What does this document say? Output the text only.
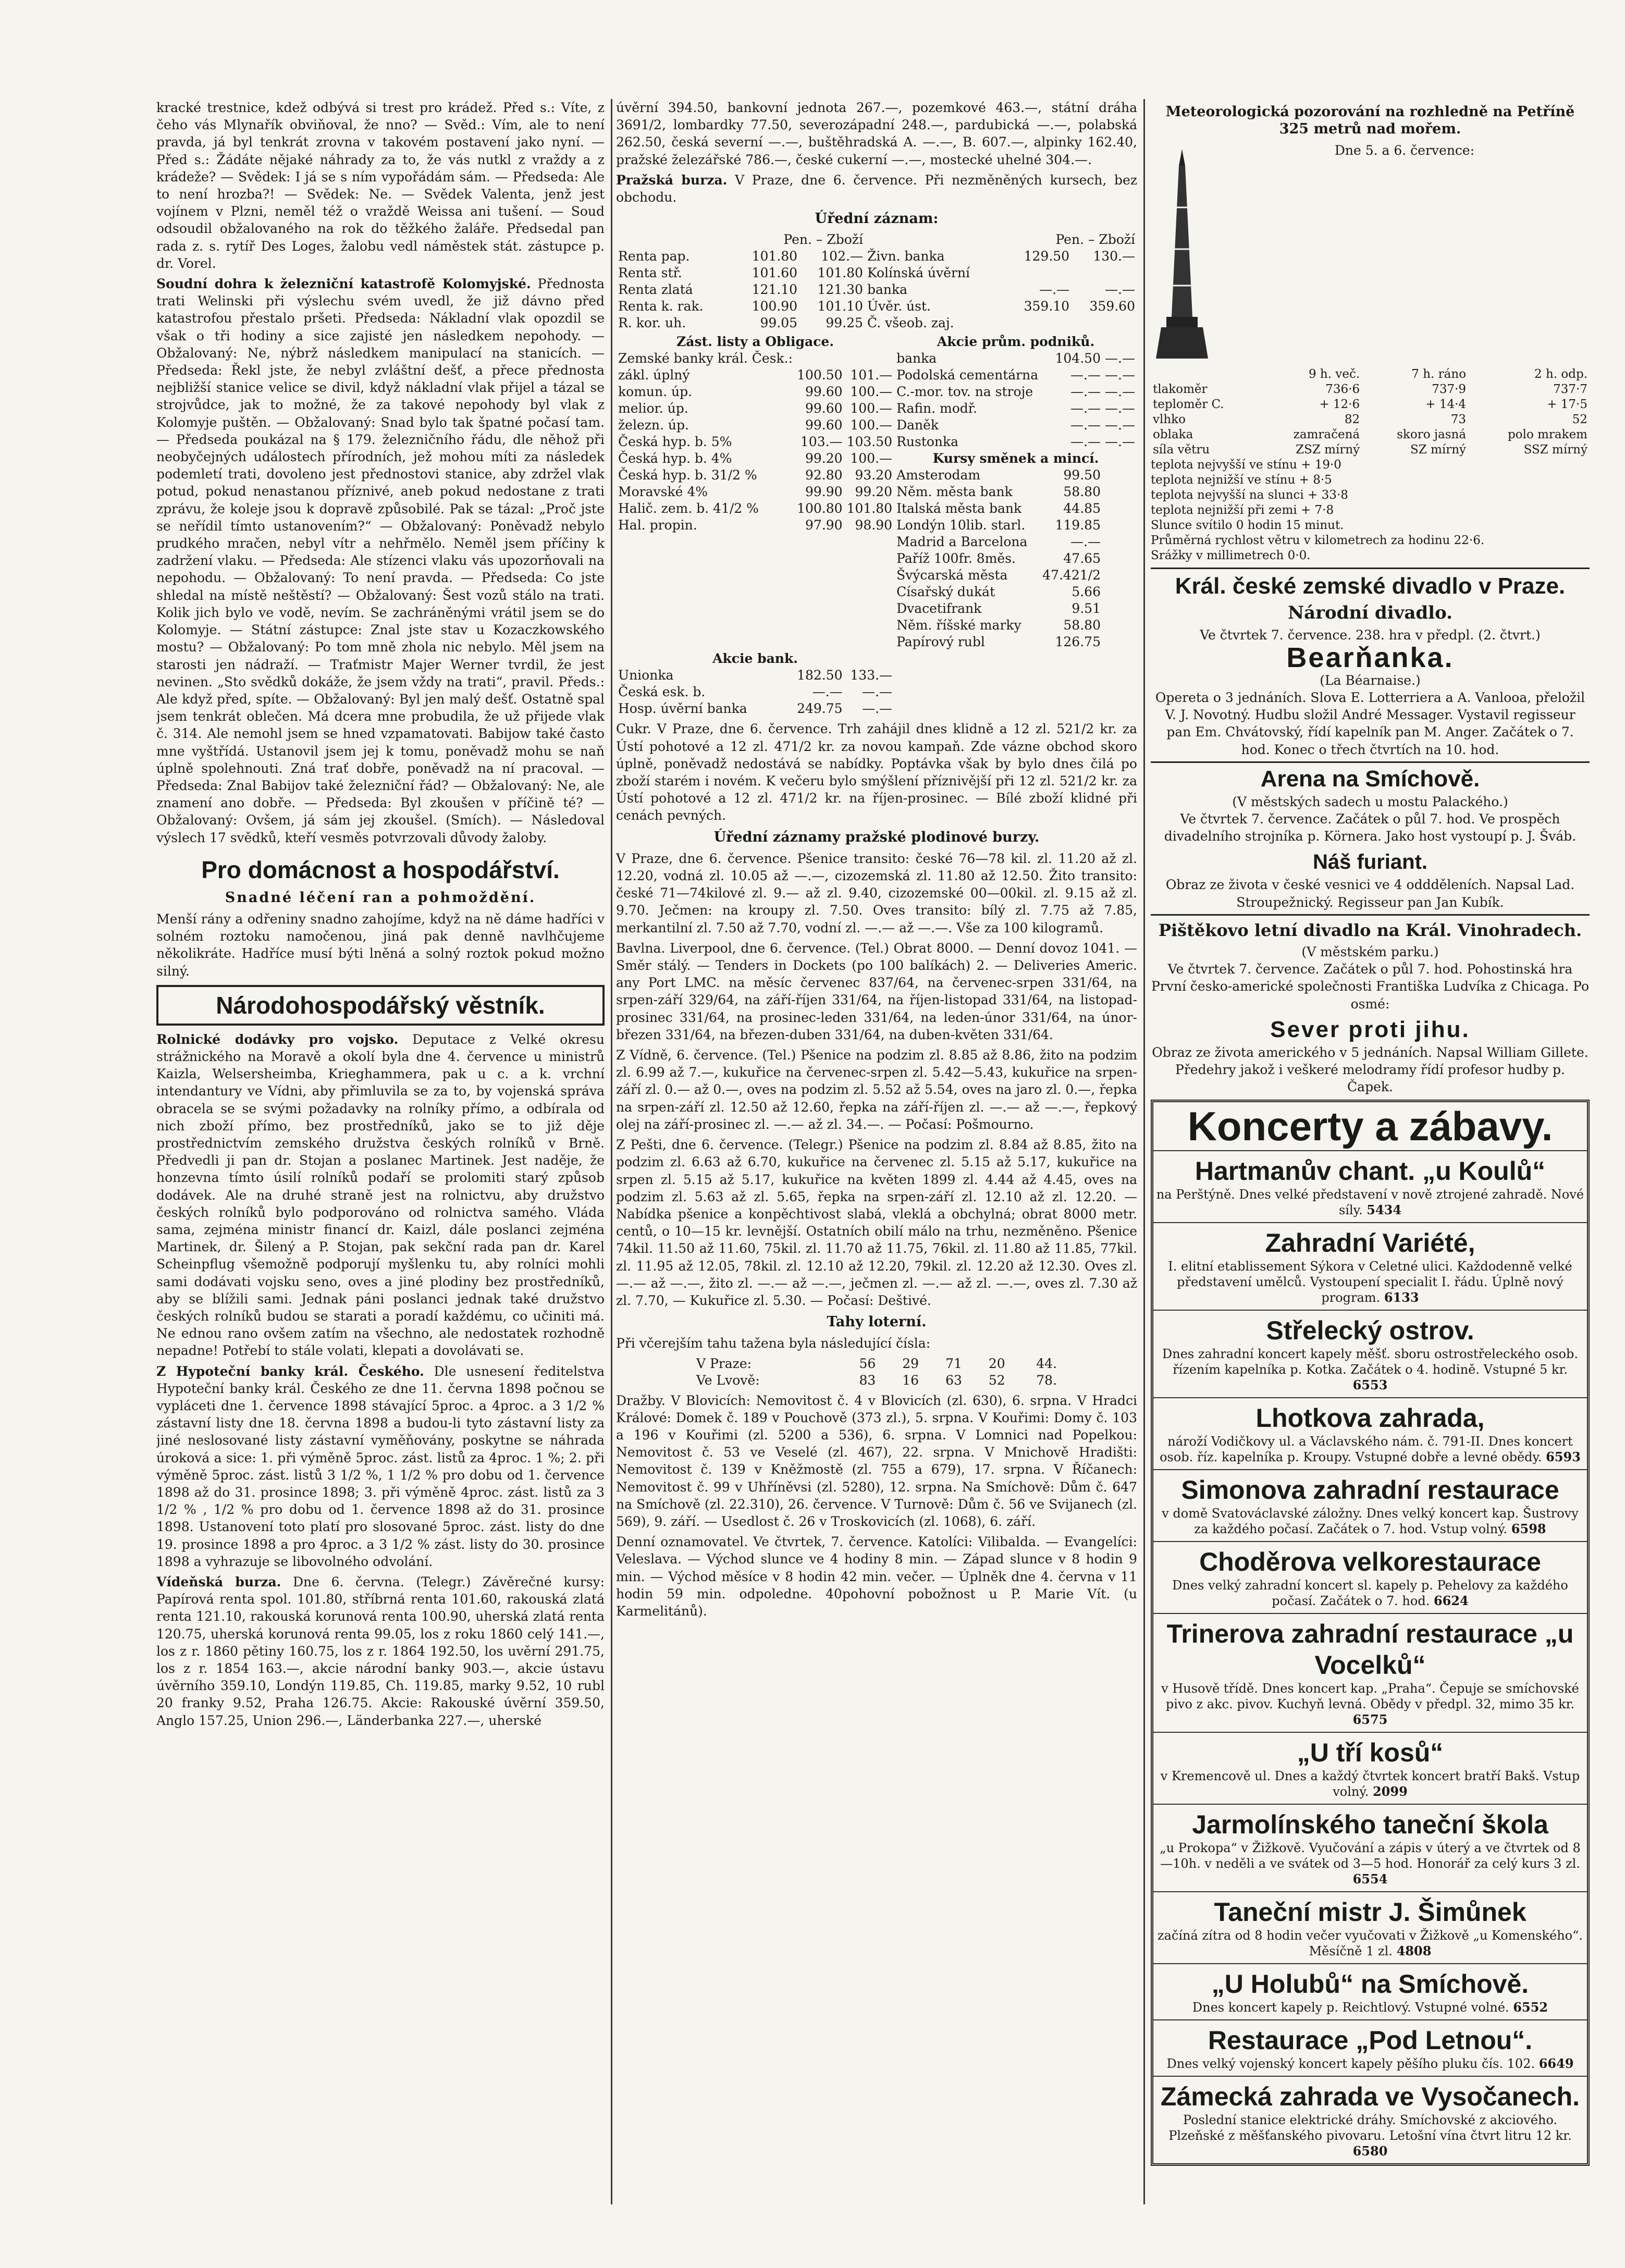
kracké trestnice, kdež odbývá si trest pro krádež. Před s.: Víte, z čeho vás Mlynařík obviňoval, že nno? — Svěd.: Vím, ale to není pravda, já byl tenkrát zrovna v takovém postavení jako nyní. — Před s.: Žádáte nějaké náhrady za to, že vás nutkl z vraždy a z krádeže? — Svědek: I já se s ním vypořádám sám. — Předseda: Ale to není hrozba?! — Svědek: Ne. — Svědek Valenta, jenž jest vojínem v Plzni, neměl též o vraždě Weissa ani tušení. — Soud odsoudil obžalovaného na rok do těžkého žaláře. Předsedal pan rada z. s. rytíř Des Loges, žalobu vedl náměstek stát. zástupce p. dr. Vorel.

Soudní dohra k železniční katastrofě Kolomyjské. Přednosta trati Welinski při výslechu svém uvedl, že již dávno před katastrofou přestalo pršeti. Předseda: Nákladní vlak opozdil se však o tři hodiny a sice zajisté jen následkem nepohody. — Obžalovaný: Ne, nýbrž následkem manipulací na stanicích. — Předseda: Řekl jste, že nebyl zvláštní dešť, a přece přednosta nejbližší stanice velice se divil, když nákladní vlak přijel a tázal se strojvůdce, jak to možné, že za takové nepohody byl vlak z Kolomyje puštěn. — Obžalovaný: Snad bylo tak špatné počasí tam. — Předseda poukázal na § 179. železničního řádu, dle něhož při neobyčejných událostech přírodních, jež mohou míti za následek podemletí trati, dovoleno jest přednostovi stanice, aby zdržel vlak potud, pokud nenastanou příznivé, aneb pokud nedostane z trati zprávu, že koleje jsou k dopravě způsobilé. Pak se tázal: „Proč jste se neřídil tímto ustanovením?“ — Obžalovaný: Poněvadž nebylo prudkého mračen, nebyl vítr a nehřmělo. Neměl jsem příčiny k zadržení vlaku. — Předseda: Ale stízenci vlaku vás upozorňovali na nepohodu. — Obžalovaný: To není pravda. — Předseda: Co jste shledal na místě neštěstí? — Obžalovaný: Šest vozů stálo na trati. Kolik jich bylo ve vodě, nevím. Se zachráněnými vrátil jsem se do Kolomyje. — Státní zástupce: Znal jste stav u Kozaczkowského mostu? — Obžalovaný: Po tom mně zhola nic nebylo. Měl jsem na starosti jen nádraží. — Traťmistr Majer Werner tvrdil, že jest nevinen. „Sto svědků dokáže, že jsem vždy na trati“, pravil. Předs.: Ale když před, spíte. — Obžalovaný: Byl jen malý dešť. Ostatně spal jsem tenkrát oblečen. Má dcera mne probudila, že už přijede vlak č. 314. Ale nemohl jsem se hned vzpamatovati. Babijow také často mne vyštřídá. Ustanovil jsem jej k tomu, poněvadž mohu se naň úplně spolehnouti. Zná trať dobře, poněvadž na ní pracoval. — Předseda: Znal Babijov také železniční řád? — Obžalovaný: Ne, ale znamení ano dobře. — Předseda: Byl zkoušen v příčině té? — Obžalovaný: Ovšem, já sám jej zkoušel. (Smích). — Následoval výslech 17 svědků, kteří vesměs potvrzovali důvody žaloby.

Pro domácnost a hospodářství.
Snadné léčení ran a pohmoždění.

Menší rány a odřeniny snadno zahojíme, když na ně dáme hadříci v solném roztoku namočenou, jiná pak denně navlhčujeme několikráte. Hadříce musí býti lněná a solný roztok pokud možno silný.

Národohospodářský věstník.

Rolnické dodávky pro vojsko. Deputace z Velké okresu strážnického na Moravě a okolí byla dne 4. července u ministrů Kaizla, Welsersheimba, Krieghammera, pak u c. a k. vrchní intendantury ve Vídni, aby přimluvila se za to, by vojenská správa obracela se se svými požadavky na rolníky přímo, a odbírala od nich zboží přímo, bez prostředníků, jako se to již děje prostřednictvím zemského družstva českých rolníků v Brně. Předvedli ji pan dr. Stojan a poslanec Martinek. Jest naděje, že honzevna tímto úsilí rolníků podaří se prolomiti starý způsob dodávek. Ale na druhé straně jest na rolnictvu, aby družstvo českých rolníků bylo podporováno od rolnictva samého. Vláda sama, zejména ministr financí dr. Kaizl, dále poslanci zejména Martinek, dr. Šilený a P. Stojan, pak sekční rada pan dr. Karel Scheinpflug všemožně podporují myšlenku tu, aby rolníci mohli sami dodávati vojsku seno, oves a jiné plodiny bez prostředníků, aby se blížili sami. Jednak páni poslanci jednak také družstvo českých rolníků budou se starati a poradí každému, co učiniti má. Ne ednou rano ovšem zatím na všechno, ale nedostatek rozhodně nepadne! Potřebí to stále volati, klepati a dovolávati se.

Z Hypoteční banky král. Českého. Dle usnesení ředitelstva Hypoteční banky král. Českého ze dne 11. června 1898 počnou se vypláceti dne 1. července 1898 stávající 5proc. a 4proc. a 3 1/2 % zástavní listy dne 18. června 1898 a budou-li tyto zástavní listy za jiné neslosované listy zástavní vyměňovány, poskytne se náhrada úroková a sice: 1. při výměně 5proc. zást. listů za 4proc. 1 %; 2. při výměně 5proc. zást. listů 3 1/2 %, 1 1/2 % pro dobu od 1. července 1898 až do 31. prosince 1898; 3. při výměně 4proc. zást. listů za 3 1/2 % ‚ 1/2 % pro dobu od 1. července 1898 až do 31. prosince 1898. Ustanovení toto platí pro slosované 5proc. zást. listy do dne 19. prosince 1898 a pro 4proc. a 3 1/2 % zást. listy do 30. prosince 1898 a vyhrazuje se libovolného odvolání.

Vídeňská burza. Dne 6. června. (Telegr.) Závěrečné kursy: Papírová renta spol. 101.80, stříbrná renta 101.60, rakouská zlatá renta 121.10, rakouská korunová renta 100.90, uherská zlatá renta 120.75, uherská korunová renta 99.05, los z roku 1860 celý 141.—, los z r. 1860 pětiny 160.75, los z r. 1864 192.50, los uvěrní 291.75, los z r. 1854 163.—, akcie národní banky 903.—, akcie ústavu úvěrního 359.10, Londýn 119.85, Ch. 119.85, marky 9.52, 10 rubl 20 franky 9.52, Praha 126.75. Akcie: Rakouské úvěrní 359.50, Anglo 157.25, Union 296.—, Länderbanka 227.—, uherské

úvěrní 394.50, bankovní jednota 267.—, pozemkové 463.—, státní dráha 3691/2, lombardky 77.50, severozápadní 248.—, pardubická —.—, polabská 262.50, česká severní —.—, buštěhradská A. —.—, B. 607.—, alpinky 162.40, pražské železářské 786.—, české cukerní —.—, mostecké uhelné 304.—.

Pražská burza. V Praze, dne 6. července. Při nezměněných kursech, bez obchodu.

Úřední záznam:
	Pen. – Zboží			Pen. – Zboží	
Renta pap.	101.80	102.—	Živn. banka	129.50	130.—
Renta stř.	101.60	101.80	Kolínská úvěrní		
Renta zlatá	121.10	121.30	banka	—.—	—.—
Renta k. rak.	100.90	101.10	Úvěr. úst.	359.10	359.60
R. kor. uh.	99.05	99.25	Č. všeob. zaj.		
Zást. listy a Obligace.			Akcie prům. podniků.		
Zemské banky král. Česk.:			banka	104.50	—.—
zákl. úplný	100.50	101.—	Podolská cementárna	—.—	—.—
komun. úp.	99.60	100.—	C.-mor. tov. na stroje	—.—	—.—
melior. úp.	99.60	100.—	Rafin. modř.	—.—	—.—
železn. úp.	99.60	100.—	Daněk	—.—	—.—
Česká hyp. b. 5%	103.—	103.50	Rustonka	—.—	—.—
Česká hyp. b. 4%	99.20	100.—	Kursy směnek a mincí.		
Česká hyp. b. 31/2 %	92.80	93.20	Amsterodam	99.50	
Moravské 4%	99.90	99.20	Něm. města bank	58.80	
Halič. zem. b. 41/2 %	100.80	101.80	Italská města bank	44.85	
Hal. propin.	97.90	98.90	Londýn 10lib. starl.	119.85	
			Madrid a Barcelona	—.—	
			Paříž 100fr. 8měs.	47.65	
			Švýcarská města	47.421/2	
			Císařský dukát	5.66	
			Dvacetifrank	9.51	
			Něm. říšské marky	58.80	
			Papírový rubl	126.75	
Akcie bank.					
Unionka	182.50	133.—			
Česká esk. b.	—.—	—.—			
Hosp. úvěrní banka	249.75	—.—			

Cukr. V Praze, dne 6. července. Trh zahájil dnes klidně a 12 zl. 521/2 kr. za Ústí pohotové a 12 zl. 471/2 kr. za novou kampaň. Zde vázne obchod skoro úplně, poněvadž nedostává se nabídky. Poptávka však by bylo dnes čilá po zboží starém i novém. K večeru bylo smýšlení příznivější při 12 zl. 521/2 kr. za Ústí pohotové a 12 zl. 471/2 kr. na říjen-prosinec. — Bílé zboží klidné při cenách pevných.

Úřední záznamy pražské plodinové burzy.

V Praze, dne 6. července. Pšenice transito: české 76—78 kil. zl. 11.20 až zl. 12.20, vodná zl. 10.05 až —.—, cizozemská zl. 11.80 až 12.50. Žito transito: české 71—74kilové zl. 9.— až zl. 9.40, cizozemské 00—00kil. zl. 9.15 až zl. 9.70. Ječmen: na kroupy zl. 7.50. Oves transito: bílý zl. 7.75 až 7.85, merkantilní zl. 7.50 až 7.70, vodní zl. —.— až —.—. Vše za 100 kilogramů.

Bavlna. Liverpool, dne 6. července. (Tel.) Obrat 8000. — Denní dovoz 1041. — Směr stálý. — Tenders in Dockets (po 100 balíkách) 2. — Deliveries Americ. any Port LMC. na měsíc červenec 837/64, na červenec-srpen 331/64, na srpen-září 329/64, na září-říjen 331/64, na říjen-listopad 331/64, na listopad-prosinec 331/64, na prosinec-leden 331/64, na leden-únor 331/64, na únor-březen 331/64, na březen-duben 331/64, na duben-květen 331/64.

Z Vídně, 6. července. (Tel.) Pšenice na podzim zl. 8.85 až 8.86, žito na podzim zl. 6.99 až 7.—, kukuřice na červenec-srpen zl. 5.42—5.43, kukuřice na srpen-září zl. 0.— až 0.—, oves na podzim zl. 5.52 až 5.54, oves na jaro zl. 0.—, řepka na srpen-září zl. 12.50 až 12.60, řepka na září-říjen zl. —.— až —.—, řepkový olej na září-prosinec zl. —.— až zl. 34.—. — Počasí: Pošmourno.

Z Pešti, dne 6. července. (Telegr.) Pšenice na podzim zl. 8.84 až 8.85, žito na podzim zl. 6.63 až 6.70, kukuřice na červenec zl. 5.15 až 5.17, kukuřice na srpen zl. 5.15 až 5.17, kukuřice na květen 1899 zl. 4.44 až 4.45, oves na podzim zl. 5.63 až zl. 5.65, řepka na srpen-září zl. 12.10 až zl. 12.20. — Nabídka pšenice a konpěchtivost slabá, vleklá a obchylná; obrat 8000 metr. centů, o 10—15 kr. levnější. Ostatních obilí málo na trhu, nezměněno. Pšenice 74kil. 11.50 až 11.60, 75kil. zl. 11.70 až 11.75, 76kil. zl. 11.80 až 11.85, 77kil. zl. 11.95 až 12.05, 78kil. zl. 12.10 až 12.20, 79kil. zl. 12.20 až 12.30. Oves zl. —.— až —.—, žito zl. —.— až —.—, ječmen zl. —.— až zl. —.—, oves zl. 7.30 až zl. 7.70, — Kukuřice zl. 5.30. — Počasí: Deštivé.

Tahy loterní.

Při včerejším tahu tažena byla následující čísla:

V Praze:	56	29	71	20	44.
Ve Lvově:	83	16	63	52	78.

Dražby. V Blovicích: Nemovitost č. 4 v Blovicích (zl. 630), 6. srpna. V Hradci Králové: Domek č. 189 v Pouchově (373 zl.), 5. srpna. V Kouřimi: Domy č. 103 a 196 v Kouřimi (zl. 5200 a 536), 6. srpna. V Lomnici nad Popelkou: Nemovitost č. 53 ve Veselé (zl. 467), 22. srpna. V Mnichově Hradišti: Nemovitost č. 139 v Kněžmostě (zl. 755 a 679), 17. srpna. V Říčanech: Nemovitost č. 99 v Uhříněvsi (zl. 5280), 12. srpna. Na Smíchově: Dům č. 647 na Smíchově (zl. 22.310), 26. července. V Turnově: Dům č. 56 ve Svijanech (zl. 569), 9. září. — Usedlost č. 26 v Troskovicích (zl. 1068), 6. září.

Denní oznamovatel. Ve čtvrtek, 7. července. Katolíci: Vilibalda. — Evangelíci: Veleslava. — Východ slunce ve 4 hodiny 8 min. — Západ slunce v 8 hodin 9 min. — Východ měsíce v 8 hodin 42 min. večer. — Úplněk dne 4. června v 11 hodin 59 min. odpoledne. 40pohovní pobožnost u P. Marie Vít. (u Karmelitánů).

Meteorologická pozorování na rozhledně na Petříně 325 metrů nad mořem.
Dne 5. a 6. července:
	9 h. več.	7 h. ráno	2 h. odp.
tlakoměr	736·6	737·9	737·7
teploměr C.	+ 12·6	+ 14·4	+ 17·5
vlhko	82	73	52
oblaka	zamračená	skoro jasná	polo mrakem
síla větru	ZSZ mírný	SZ mírný	SSZ mírný
teplota nejvyšší ve stínu + 19·0
teplota nejnižší ve stínu + 8·5
teplota nejvyšší na slunci + 33·8
teplota nejnižší při zemi + 7·8
Slunce svítilo 0 hodin 15 minut.
Průměrná rychlost větru v kilometrech za hodinu 22·6.
Srážky v millimetrech 0·0.
Král. české zemské divadlo v Praze.
Národní divadlo.
Ve čtvrtek 7. července. 238. hra v předpl. (2. čtvrt.)
Bearňanka.
(La Béarnaise.)

Opereta o 3 jednáních. Slova E. Lotterriera a A. Vanlooa, přeložil V. J. Novotný. Hudbu složil André Messager. Vystavil regisseur pan Em. Chvátovský, řídí kapelník pan M. Anger. Začátek o 7. hod. Konec o třech čtvrtích na 10. hod.

Arena na Smíchově.
(V městských sadech u mostu Palackého.)

Ve čtvrtek 7. července. Začátek o půl 7. hod. Ve prospěch divadelního strojníka p. Körnera. Jako host vystoupí p. J. Šváb.

Náš furiant.

Obraz ze života v české vesnici ve 4 oddděleních. Napsal Lad. Stroupežnický. Regisseur pan Jan Kubík.

Pištěkovo letní divadlo na Král. Vinohradech.
(V městském parku.)

Ve čtvrtek 7. července. Začátek o půl 7. hod. Pohostinská hra První česko-americké společnosti Františka Ludvíka z Chicaga. Po osmé:

Sever proti jihu.

Obraz ze života amerického v 5 jednáních. Napsal William Gillete. Předehry jakož i veškeré melodramy řídí profesor hudby p. Čapek.

Koncerty a zábavy.
Hartmanův chant. „u Koulů“
na Perštýně. Dnes velké představení v nově ztrojené zahradě. Nové síly. 5434
Zahradní Variété,
I. elitní etablissement Sýkora v Celetné ulici. Každodenně velké představení umělců. Vystoupení specialit I. řádu. Úplně nový program. 6133
Střelecký ostrov.
Dnes zahradní koncert kapely měšť. sboru ostrostřeleckého osob. řízením kapelníka p. Kotka. Začátek o 4. hodině. Vstupné 5 kr. 6553
Lhotkova zahrada,
nároží Vodičkovy ul. a Václavského nám. č. 791-II. Dnes koncert osob. říz. kapelníka p. Kroupy. Vstupné dobře a levné obědy. 6593
Simonova zahradní restaurace
v domě Svatováclavské záložny. Dnes velký koncert kap. Šustrovy za každého počasí. Začátek o 7. hod. Vstup volný. 6598
Choděrova velkorestaurace
Dnes velký zahradní koncert sl. kapely p. Pehelovy za každého počasí. Začátek o 7. hod. 6624
Trinerova zahradní restaurace „u Vocelků“
v Husově třídě. Dnes koncert kap. „Praha“. Čepuje se smíchovské pivo z akc. pivov. Kuchyň levná. Obědy v předpl. 32, mimo 35 kr. 6575
„U tří kosů“
v Kremencově ul. Dnes a každý čtvrtek koncert bratří Bakš. Vstup volný. 2099
Jarmolínského taneční škola
„u Prokopa“ v Žižkově. Vyučování a zápis v úterý a ve čtvrtek od 8—10h. v neděli a ve svátek od 3—5 hod. Honorář za celý kurs 3 zl. 6554
Taneční mistr J. Šimůnek
začíná zítra od 8 hodin večer vyučovati v Žižkově „u Komenského“. Měsíčně 1 zl. 4808
„U Holubů“ na Smíchově.
Dnes koncert kapely p. Reichtlový. Vstupné volné. 6552
Restaurace „Pod Letnou“.
Dnes velký vojenský koncert kapely pěšího pluku čís. 102. 6649
Zámecká zahrada ve Vysočanech.
Poslední stanice elektrické dráhy. Smíchovské z akciového. Plzeňské z měšťanského pivovaru. Letošní vína čtvrt litru 12 kr. 6580
